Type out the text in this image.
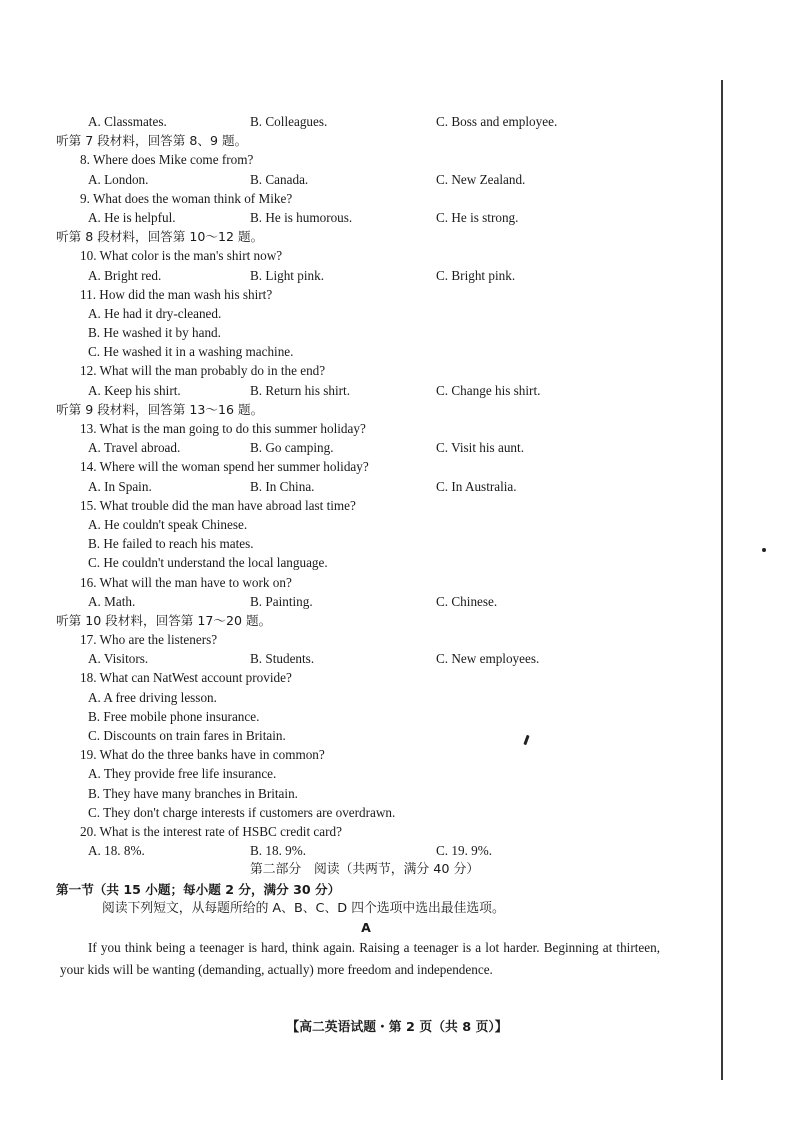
A. Classmates.	B. Colleagues.	C. Boss and employee.
听第 7 段材料，回答第 8、9 题。
8. Where does Mike come from?
A. London.	B. Canada.	C. New Zealand.
9. What does the woman think of Mike?
A. He is helpful.	B. He is humorous.	C. He is strong.
听第 8 段材料，回答第 10～12 题。
10. What color is the man's shirt now?
A. Bright red.	B. Light pink.	C. Bright pink.
11. How did the man wash his shirt?
A. He had it dry-cleaned.
B. He washed it by hand.
C. He washed it in a washing machine.
12. What will the man probably do in the end?
A. Keep his shirt.	B. Return his shirt.	C. Change his shirt.
听第 9 段材料，回答第 13～16 题。
13. What is the man going to do this summer holiday?
A. Travel abroad.	B. Go camping.	C. Visit his aunt.
14. Where will the woman spend her summer holiday?
A. In Spain.	B. In China.	C. In Australia.
15. What trouble did the man have abroad last time?
A. He couldn't speak Chinese.
B. He failed to reach his mates.
C. He couldn't understand the local language.
16. What will the man have to work on?
A. Math.	B. Painting.	C. Chinese.
听第 10 段材料，回答第 17～20 题。
17. Who are the listeners?
A. Visitors.	B. Students.	C. New employees.
18. What can NatWest account provide?
A. A free driving lesson.
B. Free mobile phone insurance.
C. Discounts on train fares in Britain.
19. What do the three banks have in common?
A. They provide free life insurance.
B. They have many branches in Britain.
C. They don't charge interests if customers are overdrawn.
20. What is the interest rate of HSBC credit card?
A. 18. 8%.	B. 18. 9%.	C. 19. 9%.
第二部分　阅读（共两节，满分 40 分）
第一节（共 15 小题；每小题 2 分，满分 30 分）
阅读下列短文，从每题所给的 A、B、C、D 四个选项中选出最佳选项。
A
If you think being a teenager is hard, think again. Raising a teenager is a lot harder. Beginning at thirteen, your kids will be wanting (demanding, actually) more freedom and independence.
【高二英语试题・第 2 页（共 8 页）】
